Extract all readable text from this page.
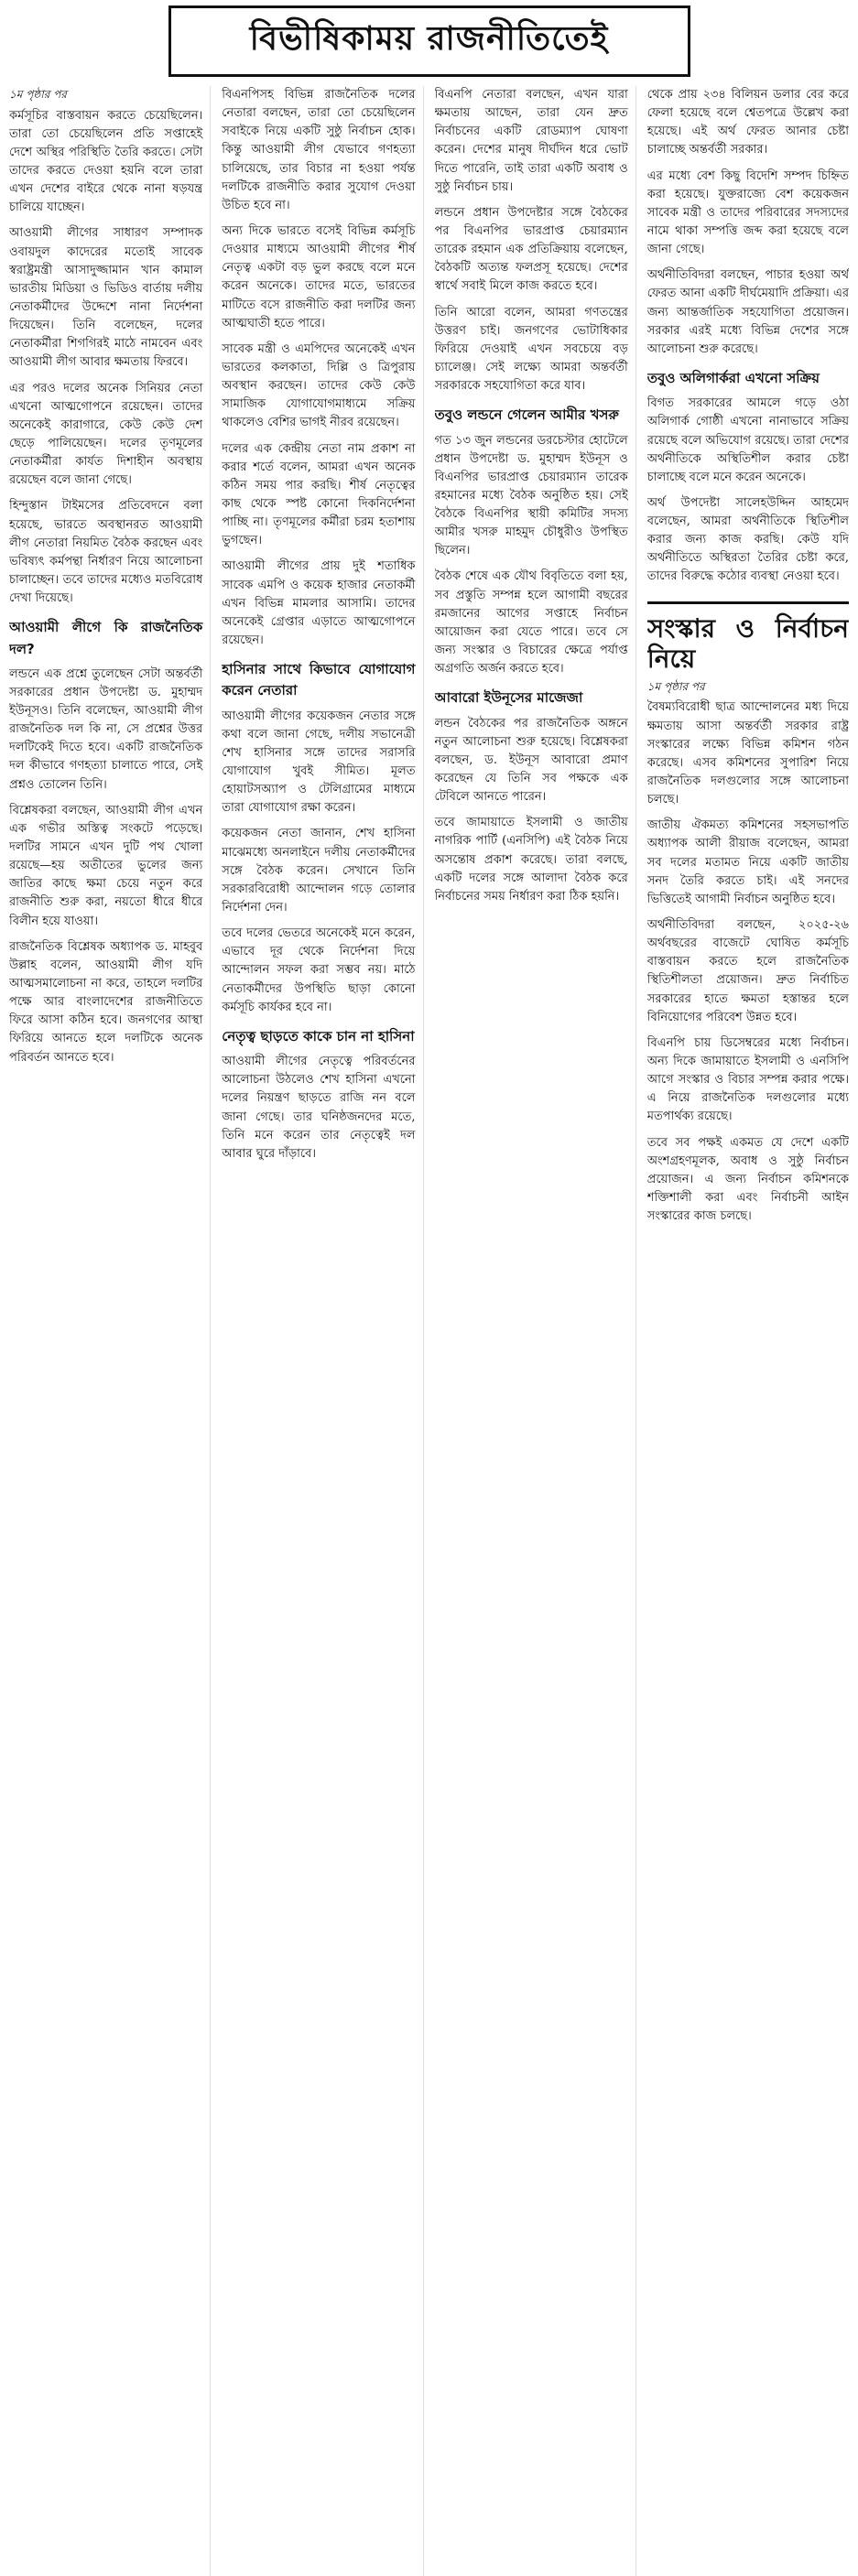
বিভীষিকাময় রাজনীতিতেই
১ম পৃষ্ঠার পর

কর্মসূচির বাস্তবায়ন করতে চেয়েছিলেন। তারা তো চেয়েছিলেন প্রতি সপ্তাহেই দেশে অস্থির পরিস্থিতি তৈরি করতে। সেটা তাদের করতে দেওয়া হয়নি বলে তারা এখন দেশের বাইরে থেকে নানা ষড়যন্ত্র চালিয়ে যাচ্ছেন।

আওয়ামী লীগের সাধারণ সম্পাদক ওবায়দুল কাদেরের মতোই সাবেক স্বরাষ্ট্রমন্ত্রী আসাদুজ্জামান খান কামাল ভারতীয় মিডিয়া ও ভিডিও বার্তায় দলীয় নেতাকর্মীদের উদ্দেশে নানা নির্দেশনা দিয়েছেন। তিনি বলেছেন, দলের নেতাকর্মীরা শিগগিরই মাঠে নামবেন এবং আওয়ামী লীগ আবার ক্ষমতায় ফিরবে।

এর পরও দলের অনেক সিনিয়র নেতা এখনো আত্মগোপনে রয়েছেন। তাদের অনেকেই কারাগারে, কেউ কেউ দেশ ছেড়ে পালিয়েছেন। দলের তৃণমূলের নেতাকর্মীরা কার্যত দিশাহীন অবস্থায় রয়েছেন বলে জানা গেছে।

হিন্দুস্তান টাইমসের প্রতিবেদনে বলা হয়েছে, ভারতে অবস্থানরত আওয়ামী লীগ নেতারা নিয়মিত বৈঠক করছেন এবং ভবিষ্যৎ কর্মপন্থা নির্ধারণ নিয়ে আলোচনা চালাচ্ছেন। তবে তাদের মধ্যেও মতবিরোধ দেখা দিয়েছে।

আওয়ামী লীগে কি রাজনৈতিক দল?

লন্ডনে এক প্রশ্নে তুলেছেন সেটা অন্তর্বর্তী সরকারের প্রধান উপদেষ্টা ড. মুহাম্মদ ইউনূসও। তিনি বলেছেন, আওয়ামী লীগ রাজনৈতিক দল কি না, সে প্রশ্নের উত্তর দলটিকেই দিতে হবে। একটি রাজনৈতিক দল কীভাবে গণহত্যা চালাতে পারে, সেই প্রশ্নও তোলেন তিনি।

বিশ্লেষকরা বলছেন, আওয়ামী লীগ এখন এক গভীর অস্তিত্ব সংকটে পড়েছে। দলটির সামনে এখন দুটি পথ খোলা রয়েছে—হয় অতীতের ভুলের জন্য জাতির কাছে ক্ষমা চেয়ে নতুন করে রাজনীতি শুরু করা, নয়তো ধীরে ধীরে বিলীন হয়ে যাওয়া।

রাজনৈতিক বিশ্লেষক অধ্যাপক ড. মাহবুব উল্লাহ বলেন, আওয়ামী লীগ যদি আত্মসমালোচনা না করে, তাহলে দলটির পক্ষে আর বাংলাদেশের রাজনীতিতে ফিরে আসা কঠিন হবে। জনগণের আস্থা ফিরিয়ে আনতে হলে দলটিকে অনেক পরিবর্তন আনতে হবে।

বিএনপিসহ বিভিন্ন রাজনৈতিক দলের নেতারা বলছেন, তারা তো চেয়েছিলেন সবাইকে নিয়ে একটি সুষ্ঠু নির্বাচন হোক। কিন্তু আওয়ামী লীগ যেভাবে গণহত্যা চালিয়েছে, তার বিচার না হওয়া পর্যন্ত দলটিকে রাজনীতি করার সুযোগ দেওয়া উচিত হবে না।

অন্য দিকে ভারতে বসেই বিভিন্ন কর্মসূচি দেওয়ার মাধ্যমে আওয়ামী লীগের শীর্ষ নেতৃত্ব একটা বড় ভুল করছে বলে মনে করেন অনেকে। তাদের মতে, ভারতের মাটিতে বসে রাজনীতি করা দলটির জন্য আত্মঘাতী হতে পারে।

সাবেক মন্ত্রী ও এমপিদের অনেকেই এখন ভারতের কলকাতা, দিল্লি ও ত্রিপুরায় অবস্থান করছেন। তাদের কেউ কেউ সামাজিক যোগাযোগমাধ্যমে সক্রিয় থাকলেও বেশির ভাগই নীরব রয়েছেন।

দলের এক কেন্দ্রীয় নেতা নাম প্রকাশ না করার শর্তে বলেন, আমরা এখন অনেক কঠিন সময় পার করছি। শীর্ষ নেতৃত্বের কাছ থেকে স্পষ্ট কোনো দিকনির্দেশনা পাচ্ছি না। তৃণমূলের কর্মীরা চরম হতাশায় ভুগছেন।

আওয়ামী লীগের প্রায় দুই শতাধিক সাবেক এমপি ও কয়েক হাজার নেতাকর্মী এখন বিভিন্ন মামলার আসামি। তাদের অনেকেই গ্রেপ্তার এড়াতে আত্মগোপনে রয়েছেন।

হাসিনার সাথে কিভাবে যোগাযোগ করেন নেতারা

আওয়ামী লীগের কয়েকজন নেতার সঙ্গে কথা বলে জানা গেছে, দলীয় সভানেত্রী শেখ হাসিনার সঙ্গে তাদের সরাসরি যোগাযোগ খুবই সীমিত। মূলত হোয়াটসঅ্যাপ ও টেলিগ্রামের মাধ্যমে তারা যোগাযোগ রক্ষা করেন।

কয়েকজন নেতা জানান, শেখ হাসিনা মাঝেমধ্যে অনলাইনে দলীয় নেতাকর্মীদের সঙ্গে বৈঠক করেন। সেখানে তিনি সরকারবিরোধী আন্দোলন গড়ে তোলার নির্দেশনা দেন।

তবে দলের ভেতরে অনেকেই মনে করেন, এভাবে দূর থেকে নির্দেশনা দিয়ে আন্দোলন সফল করা সম্ভব নয়। মাঠে নেতাকর্মীদের উপস্থিতি ছাড়া কোনো কর্মসূচি কার্যকর হবে না।

নেতৃত্ব ছাড়তে কাকে চান না হাসিনা

আওয়ামী লীগের নেতৃত্বে পরিবর্তনের আলোচনা উঠলেও শেখ হাসিনা এখনো দলের নিয়ন্ত্রণ ছাড়তে রাজি নন বলে জানা গেছে। তার ঘনিষ্ঠজনদের মতে, তিনি মনে করেন তার নেতৃত্বেই দল আবার ঘুরে দাঁড়াবে।

বিএনপি নেতারা বলছেন, এখন যারা ক্ষমতায় আছেন, তারা যেন দ্রুত নির্বাচনের একটি রোডম্যাপ ঘোষণা করেন। দেশের মানুষ দীর্ঘদিন ধরে ভোট দিতে পারেনি, তাই তারা একটি অবাধ ও সুষ্ঠু নির্বাচন চায়।

লন্ডনে প্রধান উপদেষ্টার সঙ্গে বৈঠকের পর বিএনপির ভারপ্রাপ্ত চেয়ারম্যান তারেক রহমান এক প্রতিক্রিয়ায় বলেছেন, বৈঠকটি অত্যন্ত ফলপ্রসূ হয়েছে। দেশের স্বার্থে সবাই মিলে কাজ করতে হবে।

তিনি আরো বলেন, আমরা গণতন্ত্রের উত্তরণ চাই। জনগণের ভোটাধিকার ফিরিয়ে দেওয়াই এখন সবচেয়ে বড় চ্যালেঞ্জ। সেই লক্ষ্যে আমরা অন্তর্বর্তী সরকারকে সহযোগিতা করে যাব।

তবুও লন্ডনে গেলেন আমীর খসরু

গত ১৩ জুন লন্ডনের ডরচেস্টার হোটেলে প্রধান উপদেষ্টা ড. মুহাম্মদ ইউনূস ও বিএনপির ভারপ্রাপ্ত চেয়ারম্যান তারেক রহমানের মধ্যে বৈঠক অনুষ্ঠিত হয়। সেই বৈঠকে বিএনপির স্থায়ী কমিটির সদস্য আমীর খসরু মাহমুদ চৌধুরীও উপস্থিত ছিলেন।

বৈঠক শেষে এক যৌথ বিবৃতিতে বলা হয়, সব প্রস্তুতি সম্পন্ন হলে আগামী বছরের রমজানের আগের সপ্তাহে নির্বাচন আয়োজন করা যেতে পারে। তবে সে জন্য সংস্কার ও বিচারের ক্ষেত্রে পর্যাপ্ত অগ্রগতি অর্জন করতে হবে।

আবারো ইউনূসের মাজেজা

লন্ডন বৈঠকের পর রাজনৈতিক অঙ্গনে নতুন আলোচনা শুরু হয়েছে। বিশ্লেষকরা বলছেন, ড. ইউনূস আবারো প্রমাণ করেছেন যে তিনি সব পক্ষকে এক টেবিলে আনতে পারেন।

তবে জামায়াতে ইসলামী ও জাতীয় নাগরিক পার্টি (এনসিপি) এই বৈঠক নিয়ে অসন্তোষ প্রকাশ করেছে। তারা বলছে, একটি দলের সঙ্গে আলাদা বৈঠক করে নির্বাচনের সময় নির্ধারণ করা ঠিক হয়নি।

থেকে প্রায় ২৩৪ বিলিয়ন ডলার বের করে ফেলা হয়েছে বলে শ্বেতপত্রে উল্লেখ করা হয়েছে। এই অর্থ ফেরত আনার চেষ্টা চালাচ্ছে অন্তর্বর্তী সরকার।

এর মধ্যে বেশ কিছু বিদেশি সম্পদ চিহ্নিত করা হয়েছে। যুক্তরাজ্যে বেশ কয়েকজন সাবেক মন্ত্রী ও তাদের পরিবারের সদস্যদের নামে থাকা সম্পত্তি জব্দ করা হয়েছে বলে জানা গেছে।

অর্থনীতিবিদরা বলছেন, পাচার হওয়া অর্থ ফেরত আনা একটি দীর্ঘমেয়াদি প্রক্রিয়া। এর জন্য আন্তর্জাতিক সহযোগিতা প্রয়োজন। সরকার এরই মধ্যে বিভিন্ন দেশের সঙ্গে আলোচনা শুরু করেছে।

তবুও অলিগার্করা এখনো সক্রিয়

বিগত সরকারের আমলে গড়ে ওঠা অলিগার্ক গোষ্ঠী এখনো নানাভাবে সক্রিয় রয়েছে বলে অভিযোগ রয়েছে। তারা দেশের অর্থনীতিকে অস্থিতিশীল করার চেষ্টা চালাচ্ছে বলে মনে করেন অনেকে।

অর্থ উপদেষ্টা সালেহউদ্দিন আহমেদ বলেছেন, আমরা অর্থনীতিকে স্থিতিশীল করার জন্য কাজ করছি। কেউ যদি অর্থনীতিতে অস্থিরতা তৈরির চেষ্টা করে, তাদের বিরুদ্ধে কঠোর ব্যবস্থা নেওয়া হবে।

সংস্কার ও নির্বাচন নিয়ে
১ম পৃষ্ঠার পর

বৈষম্যবিরোধী ছাত্র আন্দোলনের মধ্য দিয়ে ক্ষমতায় আসা অন্তর্বর্তী সরকার রাষ্ট্র সংস্কারের লক্ষ্যে বিভিন্ন কমিশন গঠন করেছে। এসব কমিশনের সুপারিশ নিয়ে রাজনৈতিক দলগুলোর সঙ্গে আলোচনা চলছে।

জাতীয় ঐকমত্য কমিশনের সহসভাপতি অধ্যাপক আলী রীয়াজ বলেছেন, আমরা সব দলের মতামত নিয়ে একটি জাতীয় সনদ তৈরি করতে চাই। এই সনদের ভিত্তিতেই আগামী নির্বাচন অনুষ্ঠিত হবে।

অর্থনীতিবিদরা বলছেন, ২০২৫-২৬ অর্থবছরের বাজেটে ঘোষিত কর্মসূচি বাস্তবায়ন করতে হলে রাজনৈতিক স্থিতিশীলতা প্রয়োজন। দ্রুত নির্বাচিত সরকারের হাতে ক্ষমতা হস্তান্তর হলে বিনিয়োগের পরিবেশ উন্নত হবে।

বিএনপি চায় ডিসেম্বরের মধ্যে নির্বাচন। অন্য দিকে জামায়াতে ইসলামী ও এনসিপি আগে সংস্কার ও বিচার সম্পন্ন করার পক্ষে। এ নিয়ে রাজনৈতিক দলগুলোর মধ্যে মতপার্থক্য রয়েছে।

তবে সব পক্ষই একমত যে দেশে একটি অংশগ্রহণমূলক, অবাধ ও সুষ্ঠু নির্বাচন প্রয়োজন। এ জন্য নির্বাচন কমিশনকে শক্তিশালী করা এবং নির্বাচনী আইন সংস্কারের কাজ চলছে।
